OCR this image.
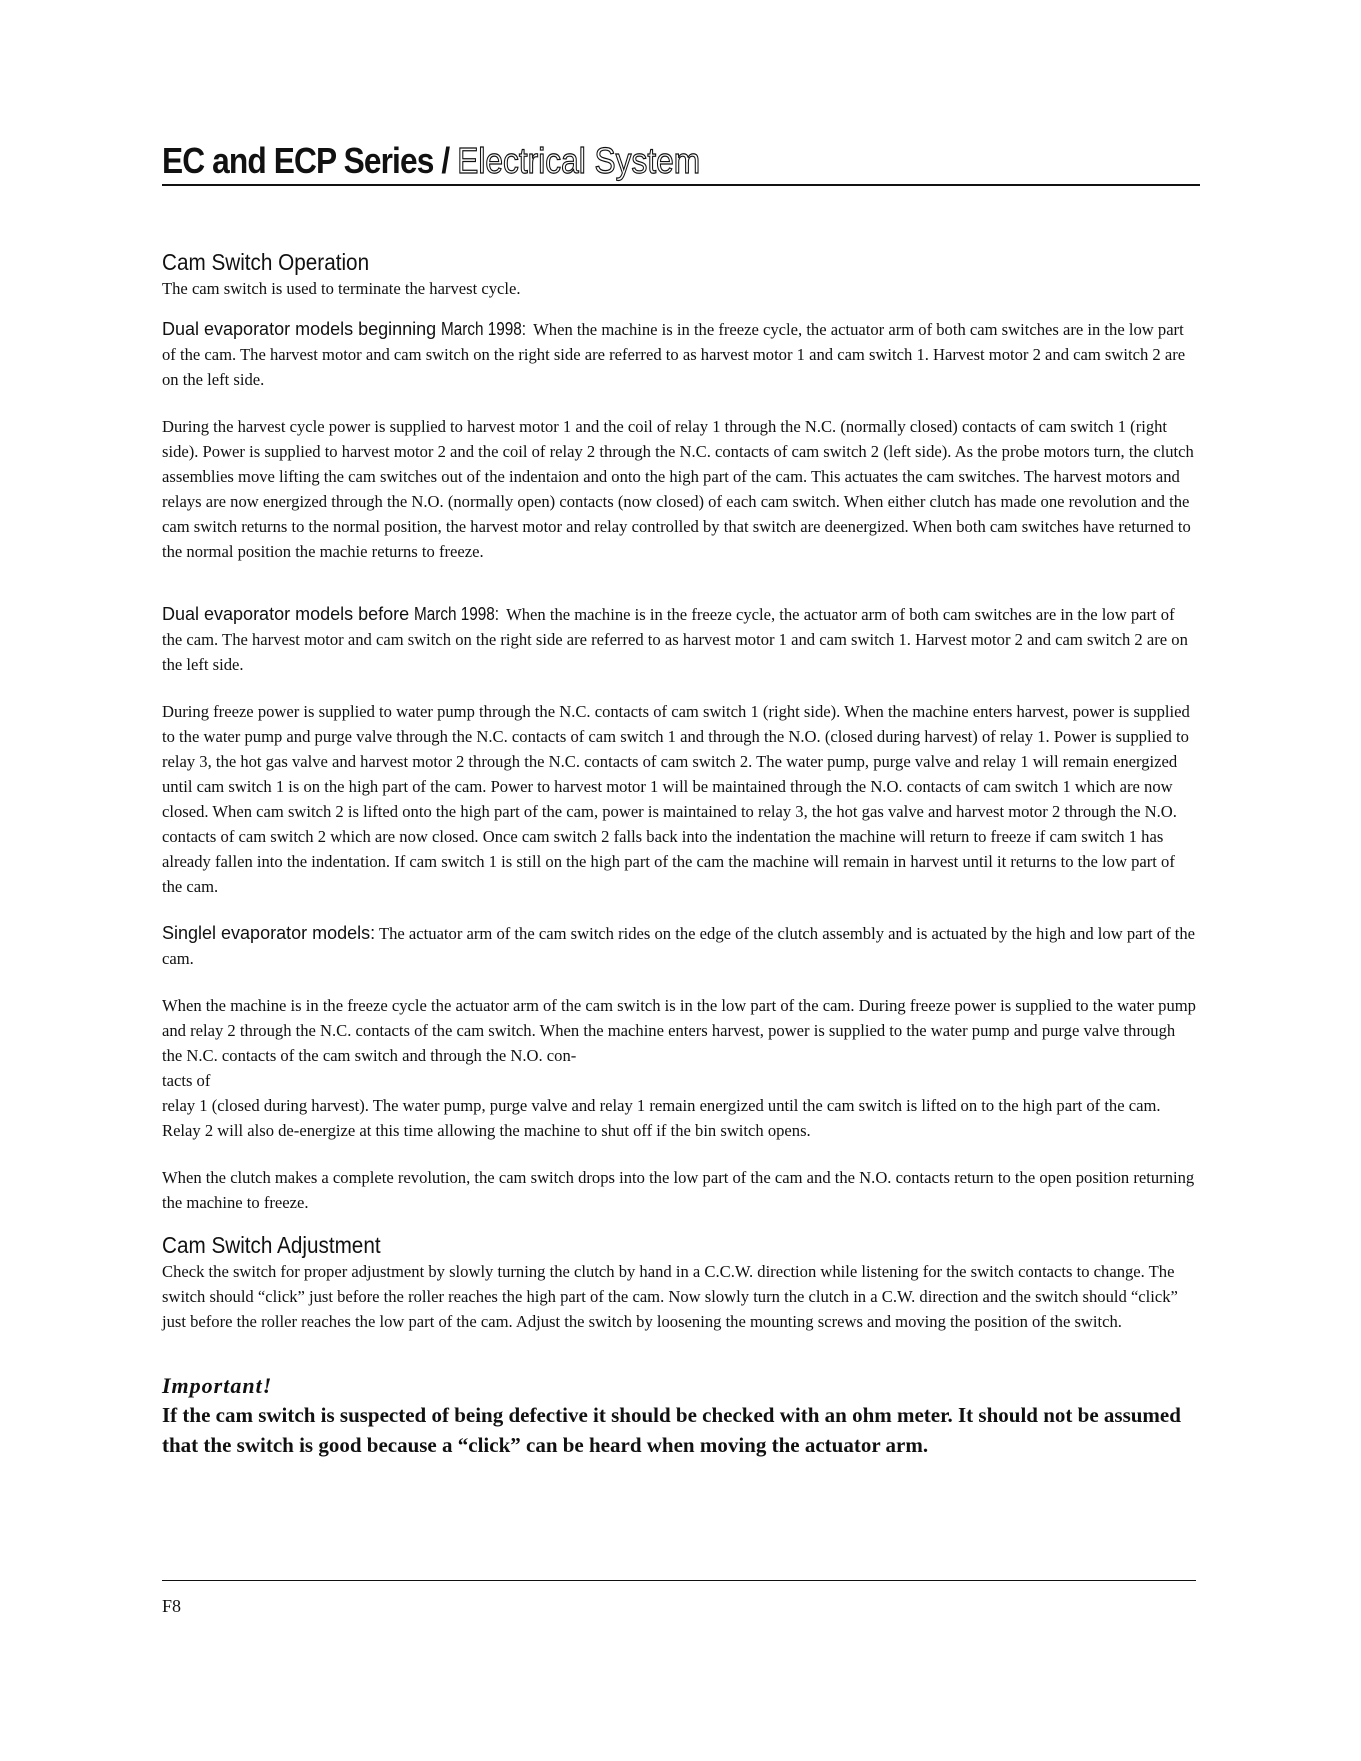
EC and ECP Series / Electrical System
Cam Switch Operation

The cam switch is used to terminate the harvest cycle.

Dual evaporator models beginning March 1998: When the machine is in the freeze cycle, the actuator arm of both cam switches are in the low part of the cam. The harvest motor and cam switch on the right side are referred to as harvest motor 1 and cam switch 1. Harvest motor 2 and cam switch 2 are on the left side.

During the harvest cycle power is supplied to harvest motor 1 and the coil of relay 1 through the N.C. (normally closed) contacts of cam switch 1 (right side). Power is supplied to harvest motor 2 and the coil of relay 2 through the N.C. contacts of cam switch 2 (left side). As the probe motors turn, the clutch assemblies move lifting the cam switches out of the indentaion and onto the high part of the cam. This actuates the cam switches. The harvest motors and relays are now energized through the N.O. (normally open) contacts (now closed) of each cam switch. When either clutch has made one revolution and the cam switch returns to the normal position, the harvest motor and relay controlled by that switch are deenergized. When both cam switches have returned to the normal position the machie returns to freeze.

Dual evaporator models before March 1998: When the machine is in the freeze cycle, the actuator arm of both cam switches are in the low part of the cam. The harvest motor and cam switch on the right side are referred to as harvest motor 1 and cam switch 1. Harvest motor 2 and cam switch 2 are on the left side.

During freeze power is supplied to water pump through the N.C. contacts of cam switch 1 (right side). When the machine enters harvest, power is supplied to the water pump and purge valve through the N.C. contacts of cam switch 1 and through the N.O. (closed during harvest) of relay 1. Power is supplied to relay 3, the hot gas valve and harvest motor 2 through the N.C. contacts of cam switch 2. The water pump, purge valve and relay 1 will remain energized until cam switch 1 is on the high part of the cam. Power to harvest motor 1 will be maintained through the N.O. contacts of cam switch 1 which are now closed. When cam switch 2 is lifted onto the high part of the cam, power is maintained to relay 3, the hot gas valve and harvest motor 2 through the N.O. contacts of cam switch 2 which are now closed. Once cam switch 2 falls back into the indentation the machine will return to freeze if cam switch 1 has already fallen into the indentation. If cam switch 1 is still on the high part of the cam the machine will remain in harvest until it returns to the low part of the cam.

Singlel evaporator models: The actuator arm of the cam switch rides on the edge of the clutch assembly and is actuated by the high and low part of the cam.

When the machine is in the freeze cycle the actuator arm of the cam switch is in the low part of the cam. During freeze power is supplied to the water pump and relay 2 through the N.C. contacts of the cam switch. When the machine enters harvest, power is supplied to the water pump and purge valve through the N.C. contacts of the cam switch and through the N.O. con-

tacts of

relay 1 (closed during harvest). The water pump, purge valve and relay 1 remain energized until the cam switch is lifted on to the high part of the cam. Relay 2 will also de-energize at this time allowing the machine to shut off if the bin switch opens.

When the clutch makes a complete revolution, the cam switch drops into the low part of the cam and the N.O. contacts return to the open position returning the machine to freeze.

Cam Switch Adjustment

Check the switch for proper adjustment by slowly turning the clutch by hand in a C.C.W. direction while listening for the switch contacts to change. The switch should “click” just before the roller reaches the high part of the cam. Now slowly turn the clutch in a C.W. direction and the switch should “click” just before the roller reaches the low part of the cam. Adjust the switch by loosening the mounting screws and moving the position of the switch.

Important!

If the cam switch is suspected of being defective it should be checked with an ohm meter. It should not be assumed that the switch is good because a “click” can be heard when moving the actuator arm.

F8
